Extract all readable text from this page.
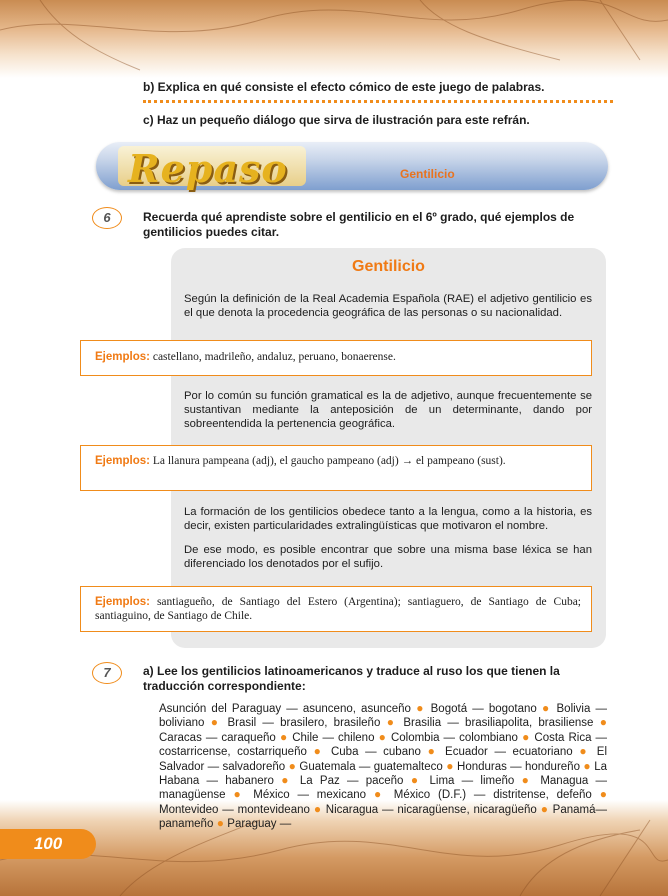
b) Explica en qué consiste el efecto cómico de este juego de palabras.
c) Haz un pequeño diálogo que sirva de ilustración para este refrán.
Repaso	Gentilicio
6	Recuerda qué aprendiste sobre el gentilicio en el 6º grado, qué ejemplos de gentilicios puedes citar.
Gentilicio
Según la definición de la Real Academia Española (RAE) el adjetivo gentilicio es el que denota la procedencia geográfica de las personas o su nacionalidad.
Ejemplos: castellano, madrileño, andaluz, peruano, bonaerense.
Por lo común su función gramatical es la de adjetivo, aunque frecuentemente se sustantivan mediante la anteposición de un determinante, dando por sobreentendida la pertenencia geográfica.
Ejemplos: La llanura pampeana (adj), el gaucho pampeano (adj) → el pampeano (sust).
La formación de los gentilicios obedece tanto a la lengua, como a la historia, es decir, existen particularidades extralingüísticas que motivaron el nombre.
De ese modo, es posible encontrar que sobre una misma base léxica se han diferenciado los denotados por el sufijo.
Ejemplos: santiagueño, de Santiago del Estero (Argentina); santiaguero, de Santiago de Cuba; santiaguino, de Santiago de Chile.
7	a) Lee los gentilicios latinoamericanos y traduce al ruso los que tienen la traducción correspondiente:
Asunción del Paraguay — asunceno, asunceño ● Bogotá — bogotano ● Bolivia — boliviano ● Brasil — brasilero, brasileño ● Brasilia — brasiliapolita, brasiliense ● Caracas — caraqueño ● Chile — chileno ● Colombia — colombiano ● Costa Rica — costarricense, costarriqueño ● Cuba — cubano ● Ecuador — ecuatoriano ● El Salvador — salvadoreño ● Guatemala — guatemalteco ● Honduras — hondureño ● La Habana — habanero ● La Paz — paceño ● Lima — limeño ● Managua — managüense ● México — mexicano ● México (D.F.) — distritense, defeño ● Montevideo — montevideano ● Nicaragua — nicaragüense, nicaragüeño ● Panamá— panameño ● Paraguay —
100
